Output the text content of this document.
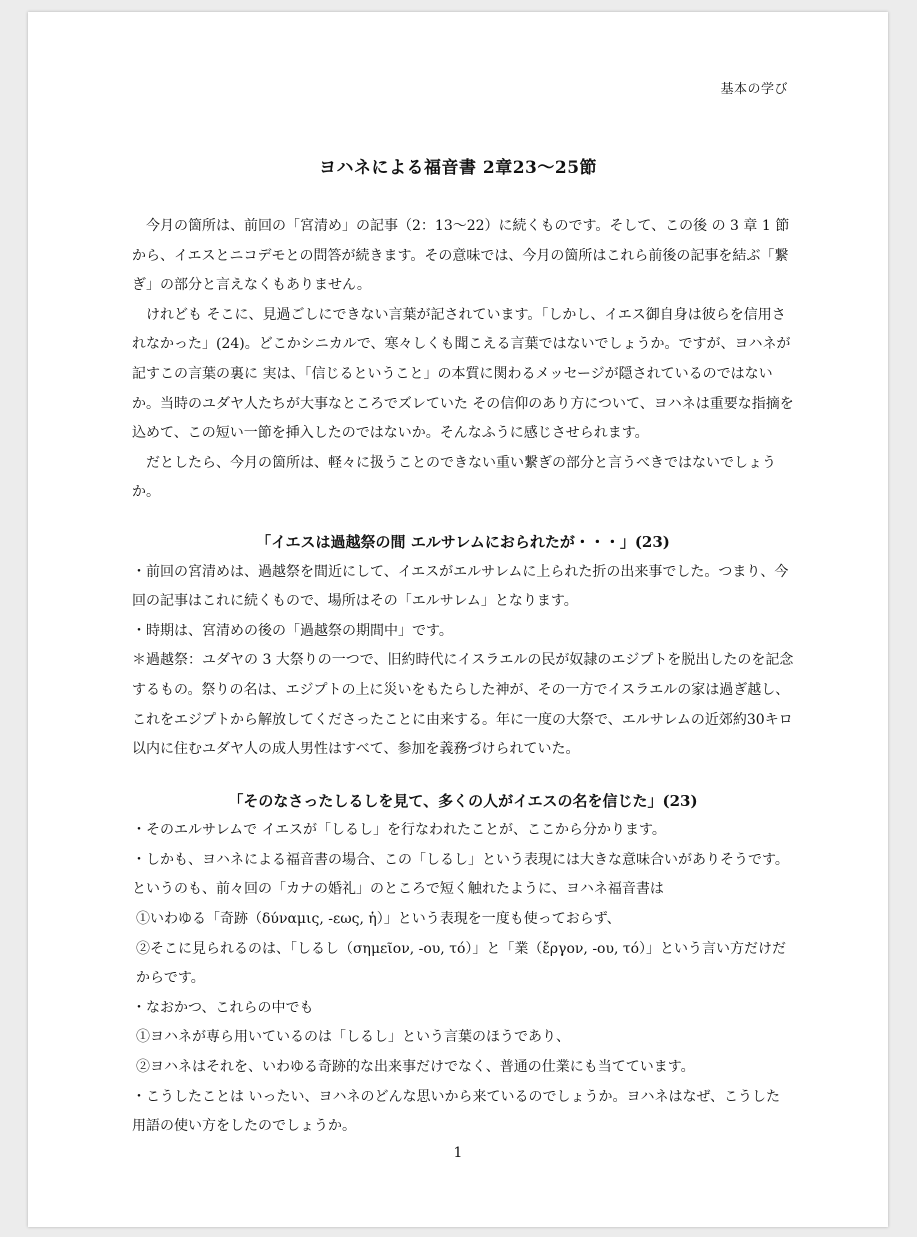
基本の学び
ヨハネによる福音書 2章23〜25節

今月の箇所は、前回の「宮清め」の記事（2：13〜22）に続くものです。そして、この後 の 3 章 1 節から、イエスとニコデモとの問答が続きます。その意味では、今月の箇所はこれら前後の記事を結ぶ「繋ぎ」の部分と言えなくもありません。

けれども そこに、見過ごしにできない言葉が記されています。「しかし、イエス御自身は彼らを信用されなかった」(24)。どこかシニカルで、寒々しくも聞こえる言葉ではないでしょうか。ですが、ヨハネが記すこの言葉の裏に 実は、「信じるということ」の本質に関わるメッセージが隠されているのではないか。当時のユダヤ人たちが大事なところでズレていた その信仰のあり方について、ヨハネは重要な指摘を込めて、この短い一節を挿入したのではないか。そんなふうに感じさせられます。

だとしたら、今月の箇所は、軽々に扱うことのできない重い繋ぎの部分と言うべきではないでしょうか。

「イエスは過越祭の間 エルサレムにおられたが・・・」(23)

・前回の宮清めは、過越祭を間近にして、イエスがエルサレムに上られた折の出来事でした。つまり、今回の記事はこれに続くもので、場所はその「エルサレム」となります。

・時期は、宮清めの後の「過越祭の期間中」です。

＊過越祭：ユダヤの 3 大祭りの一つで、旧約時代にイスラエルの民が奴隷のエジプトを脱出したのを記念するもの。祭りの名は、エジプトの上に災いをもたらした神が、その一方でイスラエルの家は過ぎ越し、これをエジプトから解放してくださったことに由来する。年に一度の大祭で、エルサレムの近郊約30キロ以内に住むユダヤ人の成人男性はすべて、参加を義務づけられていた。

「そのなさったしるしを見て、多くの人がイエスの名を信じた」(23)

・そのエルサレムで イエスが「しるし」を行なわれたことが、ここから分かります。

・しかも、ヨハネによる福音書の場合、この「しるし」という表現には大きな意味合いがありそうです。というのも、前々回の「カナの婚礼」のところで短く触れたように、ヨハネ福音書は

①いわゆる「奇跡（δύναμις, -εως, ἡ）」という表現を一度も使っておらず、

②そこに見られるのは、「しるし（σημεῖον, -ου, τό）」と「業（ἔργον, -ου, τό）」という言い方だけだからです。

・なおかつ、これらの中でも

①ヨハネが専ら用いているのは「しるし」という言葉のほうであり、

②ヨハネはそれを、いわゆる奇跡的な出来事だけでなく、普通の仕業にも当てています。

・こうしたことは いったい、ヨハネのどんな思いから来ているのでしょうか。ヨハネはなぜ、こうした用語の使い方をしたのでしょうか。

1
